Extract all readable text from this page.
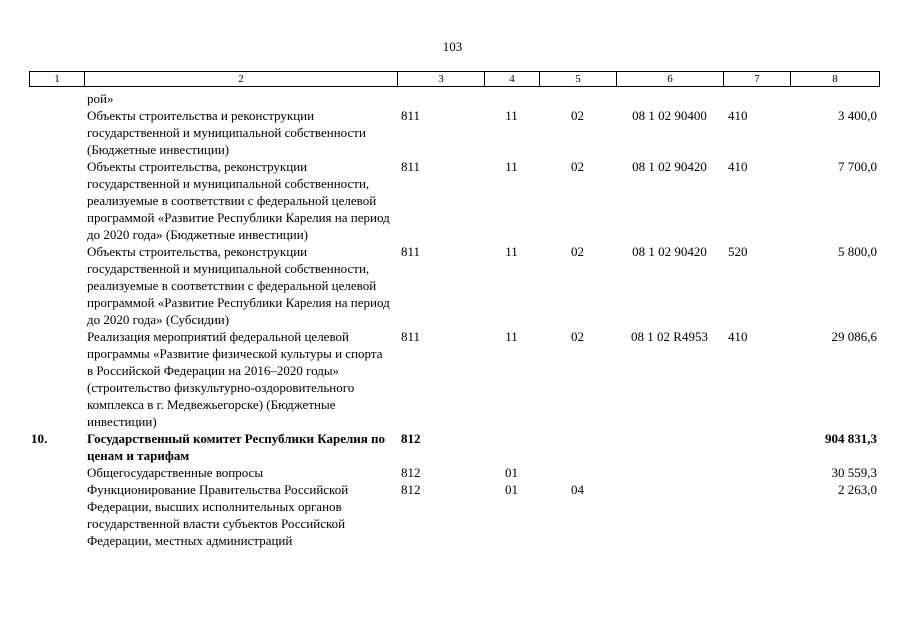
103
1	2	3	4	5	6	7	8
	рой»						
	Объекты строительства и реконструкции государственной и муниципальной собственности (Бюджетные инвестиции)	811	11	02	08 1 02 90400	410	3 400,0
	Объекты строительства, реконструкции государственной и муниципальной собственности, реализуемые в соответствии с федеральной целевой программой «Развитие Республики Карелия на период до 2020 года» (Бюджетные инвестиции)	811	11	02	08 1 02 90420	410	7 700,0
	Объекты строительства, реконструкции государственной и муниципальной собственности, реализуемые в соответствии с федеральной целевой программой «Развитие Республики Карелия на период до 2020 года» (Субсидии)	811	11	02	08 1 02 90420	520	5 800,0
	Реализация мероприятий федеральной целевой программы «Развитие физической культуры и спорта в Российской Федерации на 2016–2020 годы» (строительство физкультурно-оздоровительного комплекса в г. Медвежьегорске) (Бюджетные инвестиции)	811	11	02	08 1 02 R4953	410	29 086,6
10.	Государственный комитет Республики Карелия по ценам и тарифам	812					904 831,3
	Общегосударственные вопросы	812	01				30 559,3
	Функционирование Правительства Российской Федерации, высших исполнительных органов государственной власти субъектов Российской Федерации, местных администраций	812	01	04			2 263,0
